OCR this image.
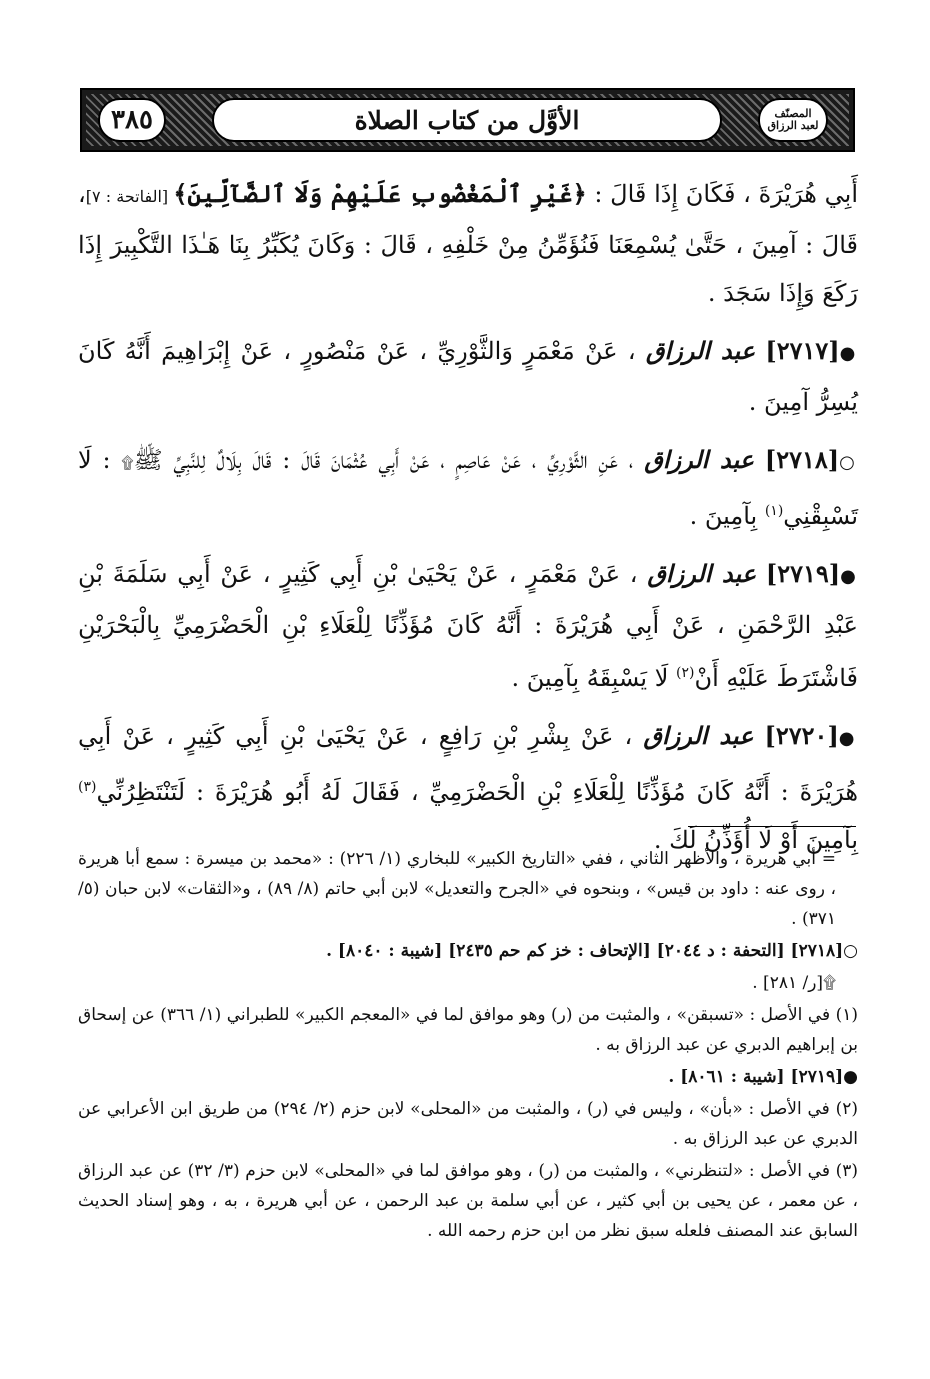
٣٨٥	الأوَّل من كتاب الصلاة	المصنّف
لعبد الرزاق

أَبِي هُرَيْرَةَ ، فَكَانَ إِذَا قَالَ : ﴿غَيْرِ ٱلْمَغْضُوبِ عَلَيْهِمْ وَلَا ٱلضَّآلِّينَ﴾ [الفاتحة : ٧]، قَالَ : آمِينَ ، حَتَّىٰ يُسْمِعَنَا فَنُؤَمِّنُ مِنْ خَلْفِهِ ، قَالَ : وَكَانَ يُكَبِّرُ بِنَا هَـٰذَا التَّكْبِيرَ إِذَا رَكَعَ وَإِذَا سَجَدَ .

●[٢٧١٧] عبد الرزاق ، عَنْ مَعْمَرٍ وَالثَّوْرِيِّ ، عَنْ مَنْصُورٍ ، عَنْ إِبْرَاهِيمَ أَنَّهُ كَانَ يُسِرُّ آمِينَ .

○[٢٧١٨] عبد الرزاق ، عَنِ الثَّوْرِيِّ ، عَنْ عَاصِمٍ ، عَنْ أَبِي عُثْمَانَ قَالَ : قَالَ بِلَالٌ لِلنَّبِيِّ ﷺ۩ : لَا تَسْبِقْنِي$^{(١)}$ بِآمِينَ .

●[٢٧١٩] عبد الرزاق ، عَنْ مَعْمَرٍ ، عَنْ يَحْيَىٰ بْنِ أَبِي كَثِيرٍ ، عَنْ أَبِي سَلَمَةَ بْنِ عَبْدِ الرَّحْمَنِ ، عَنْ أَبِي هُرَيْرَةَ : أَنَّهُ كَانَ مُؤَذِّنًا لِلْعَلَاءِ بْنِ الْحَضْرَمِيِّ بِالْبَحْرَيْنِ فَاشْتَرَطَ عَلَيْهِ أَنْ$^{(٢)}$ لَا يَسْبِقَهُ بِآمِينَ .

●[٢٧٢٠] عبد الرزاق ، عَنْ بِشْرِ بْنِ رَافِعٍ ، عَنْ يَحْيَىٰ بْنِ أَبِي كَثِيرٍ ، عَنْ أَبِي هُرَيْرَةَ : أَنَّهُ كَانَ مُؤَذِّنًا لِلْعَلَاءِ بْنِ الْحَضْرَمِيِّ ، فَقَالَ لَهُ أَبُو هُرَيْرَةَ : لَتَنْتَظِرُنِّي$^{(٣)}$ بِآمِينَ أَوْ لَا أُؤَذِّنُ لَكَ .

= أبي هريرة ، والأظهر الثاني ، ففي «التاريخ الكبير» للبخاري (١/ ٢٢٦) : «محمد بن ميسرة : سمع أبا هريرة ، روى عنه : داود بن قيس» ، وبنحوه في «الجرح والتعديل» لابن أبي حاتم (٨/ ٨٩) ، و«الثقات» لابن حبان (٥/ ٣٧١) .

○[٢٧١٨] [التحفة : د ٢٠٤٤] [الإتحاف : خز كم حم ٢٤٣٥] [شيبة : ٨٠٤٠] .

۩[ر/ ٢٨١] .

(١) في الأصل : «تسبقن» ، والمثبت من (ر) وهو موافق لما في «المعجم الكبير» للطبراني (١/ ٣٦٦) عن إسحاق بن إبراهيم الدبري عن عبد الرزاق به .

●[٢٧١٩] [شيبة : ٨٠٦١] .

(٢) في الأصل : «بأن» ، وليس في (ر) ، والمثبت من «المحلى» لابن حزم (٢/ ٢٩٤) من طريق ابن الأعرابي عن الدبري عن عبد الرزاق به .

(٣) في الأصل : «لتنظرني» ، والمثبت من (ر) ، وهو موافق لما في «المحلى» لابن حزم (٣/ ٣٢) عن عبد الرزاق ، عن معمر ، عن يحيى بن أبي كثير ، عن أبي سلمة بن عبد الرحمن ، عن أبي هريرة ، به ، وهو إسناد الحديث السابق عند المصنف فلعله سبق نظر من ابن حزم رحمه الله .
